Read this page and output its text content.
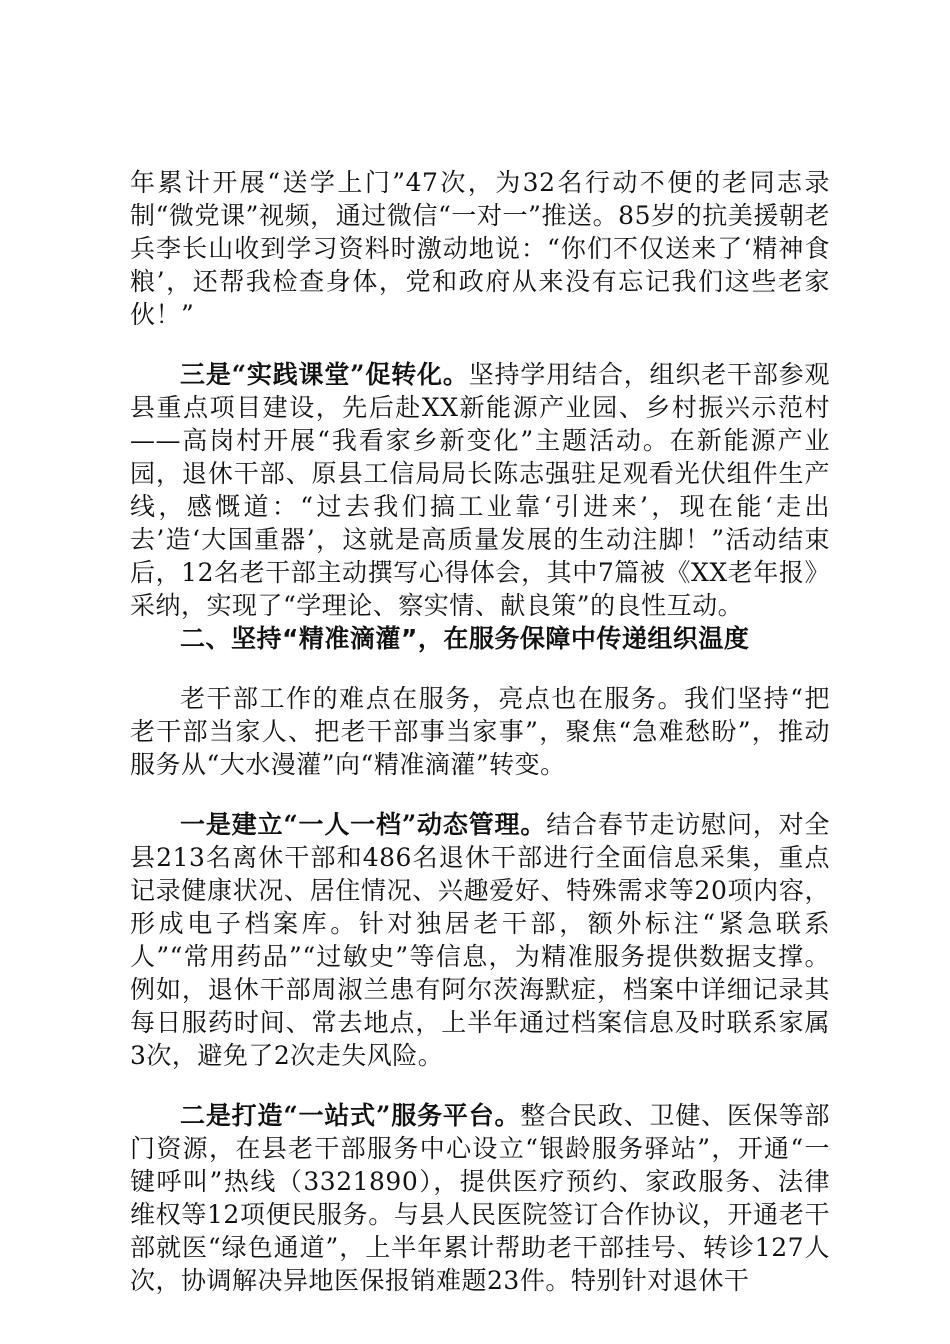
年累计开展“送学上门”47次，为32名行动不便的老同志录制“微党课”视频，通过微信“一对一”推送。85岁的抗美援朝老兵李长山收到学习资料时激动地说：“你们不仅送来了‘精神食粮’，还帮我检查身体，党和政府从来没有忘记我们这些老家伙！”

三是“实践课堂”促转化。坚持学用结合，组织老干部参观县重点项目建设，先后赴XX新能源产业园、乡村振兴示范村——高岗村开展“我看家乡新变化”主题活动。在新能源产业园，退休干部、原县工信局局长陈志强驻足观看光伏组件生产线，感慨道：“过去我们搞工业靠‘引进来’，现在能‘走出去’造‘大国重器’，这就是高质量发展的生动注脚！”活动结束后，12名老干部主动撰写心得体会，其中7篇被《XX老年报》采纳，实现了“学理论、察实情、献良策”的良性互动。

二、坚持“精准滴灌”，在服务保障中传递组织温度

老干部工作的难点在服务，亮点也在服务。我们坚持“把老干部当家人、把老干部事当家事”，聚焦“急难愁盼”，推动服务从“大水漫灌”向“精准滴灌”转变。

一是建立“一人一档”动态管理。结合春节走访慰问，对全县213名离休干部和486名退休干部进行全面信息采集，重点记录健康状况、居住情况、兴趣爱好、特殊需求等20项内容，形成电子档案库。针对独居老干部，额外标注“紧急联系人”“常用药品”“过敏史”等信息，为精准服务提供数据支撑。例如，退休干部周淑兰患有阿尔茨海默症，档案中详细记录其每日服药时间、常去地点，上半年通过档案信息及时联系家属3次，避免了2次走失风险。

二是打造“一站式”服务平台。整合民政、卫健、医保等部门资源，在县老干部服务中心设立“银龄服务驿站”，开通“一键呼叫”热线（3321890），提供医疗预约、家政服务、法律维权等12项便民服务。与县人民医院签订合作协议，开通老干部就医“绿色通道”，上半年累计帮助老干部挂号、转诊127人次，协调解决异地医保报销难题23件。特别针对退休干
